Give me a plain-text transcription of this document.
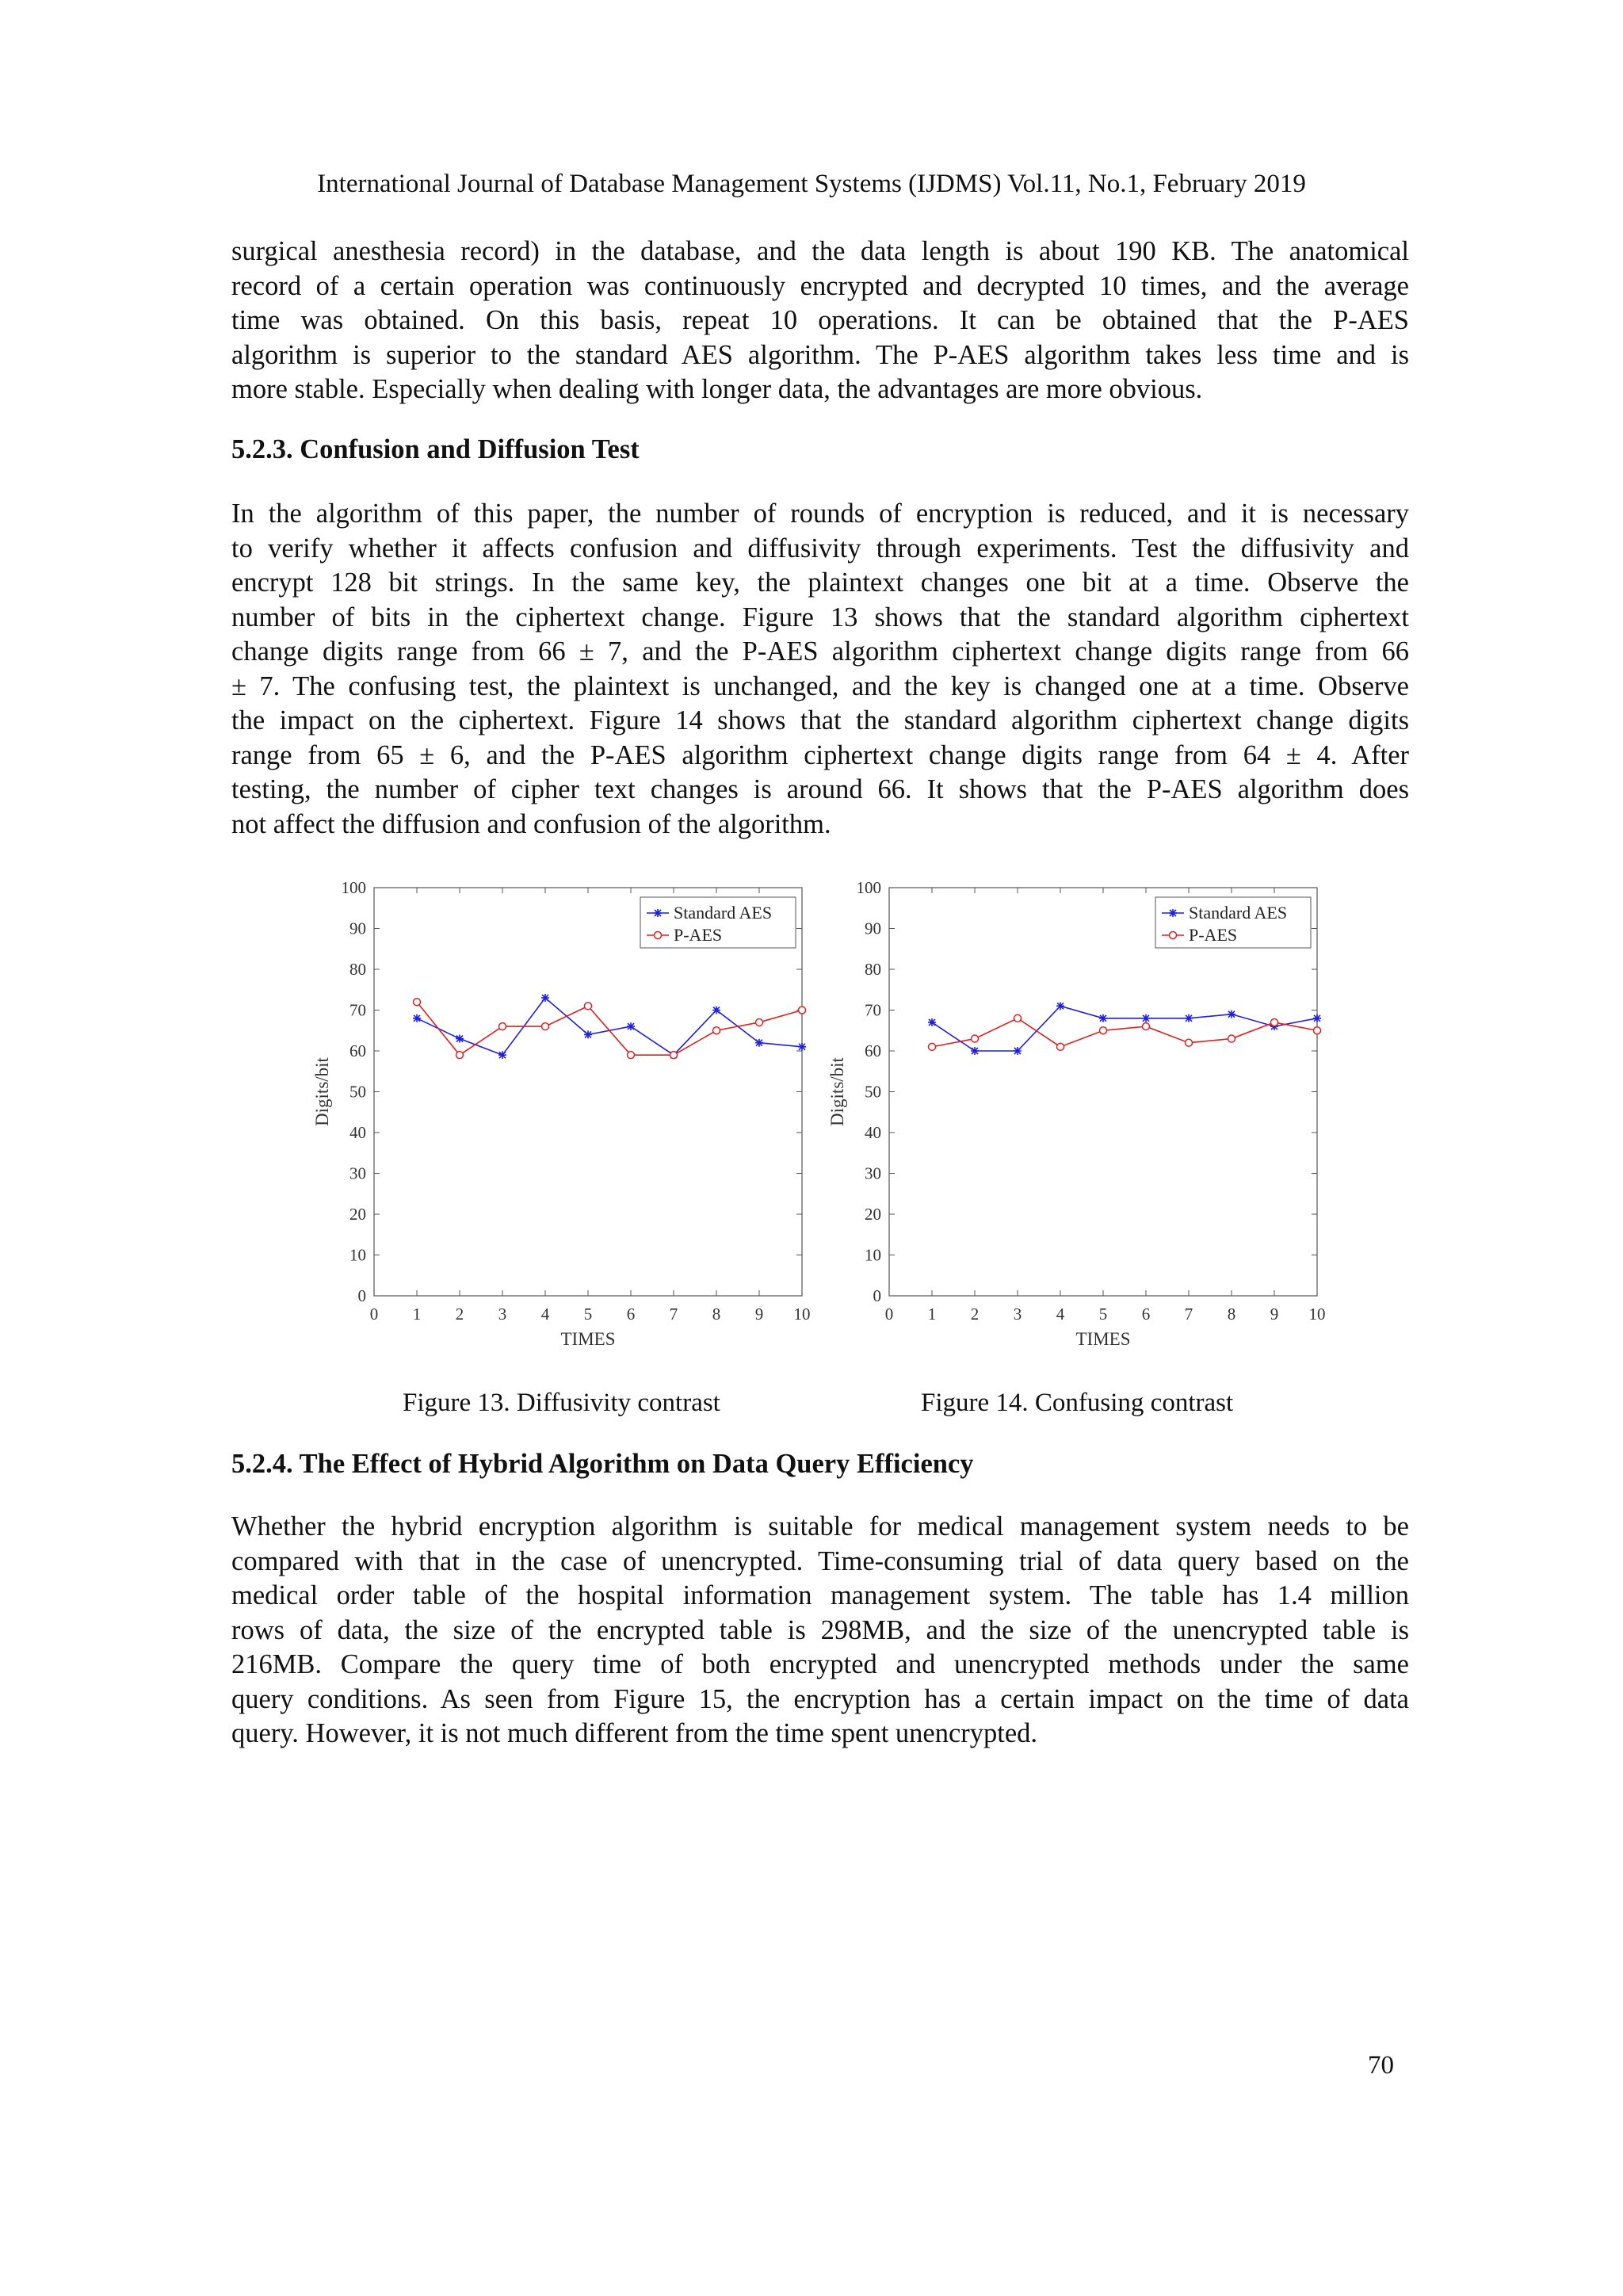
International Journal of Database Management Systems (IJDMS) Vol.11, No.1, February 2019

surgical anesthesia record) in the database, and the data length is about 190 KB. The anatomical
record of a certain operation was continuously encrypted and decrypted 10 times, and the average
time was obtained. On this basis, repeat 10 operations. It can be obtained that the P-AES
algorithm is superior to the standard AES algorithm. The P-AES algorithm takes less time and is
more stable. Especially when dealing with longer data, the advantages are more obvious.

5.2.3. Confusion and Diffusion Test

In the algorithm of this paper, the number of rounds of encryption is reduced, and it is necessary
to verify whether it affects confusion and diffusivity through experiments. Test the diffusivity and
encrypt 128 bit strings. In the same key, the plaintext changes one bit at a time. Observe the
number of bits in the ciphertext change. Figure 13 shows that the standard algorithm ciphertext
change digits range from 66 ± 7, and the P-AES algorithm ciphertext change digits range from 66
± 7. The confusing test, the plaintext is unchanged, and the key is changed one at a time. Observe
the impact on the ciphertext. Figure 14 shows that the standard algorithm ciphertext change digits
range from 65 ± 6, and the P-AES algorithm ciphertext change digits range from 64 ± 4. After
testing, the number of cipher text changes is around 66. It shows that the P-AES algorithm does
not affect the diffusion and confusion of the algorithm.

0
10
20
30
40
50
60
70
80
90
100
0 1 2 3 4 5 6 7 8 9 10
TIMES
Digits/bit
Standard AES
P-AES
0
10
20
30
40
50
60
70
80
90
100
0 1 2 3 4 5 6 7 8 9 10
TIMES
Digits/bit
Standard AES
P-AES
Figure 13. Diffusivity contrast	Figure 14. Confusing contrast
5.2.4. The Effect of Hybrid Algorithm on Data Query Efficiency

Whether the hybrid encryption algorithm is suitable for medical management system needs to be
compared with that in the case of unencrypted. Time-consuming trial of data query based on the
medical order table of the hospital information management system. The table has 1.4 million
rows of data, the size of the encrypted table is 298MB, and the size of the unencrypted table is
216MB. Compare the query time of both encrypted and unencrypted methods under the same
query conditions. As seen from Figure 15, the encryption has a certain impact on the time of data
query. However, it is not much different from the time spent unencrypted.

70
